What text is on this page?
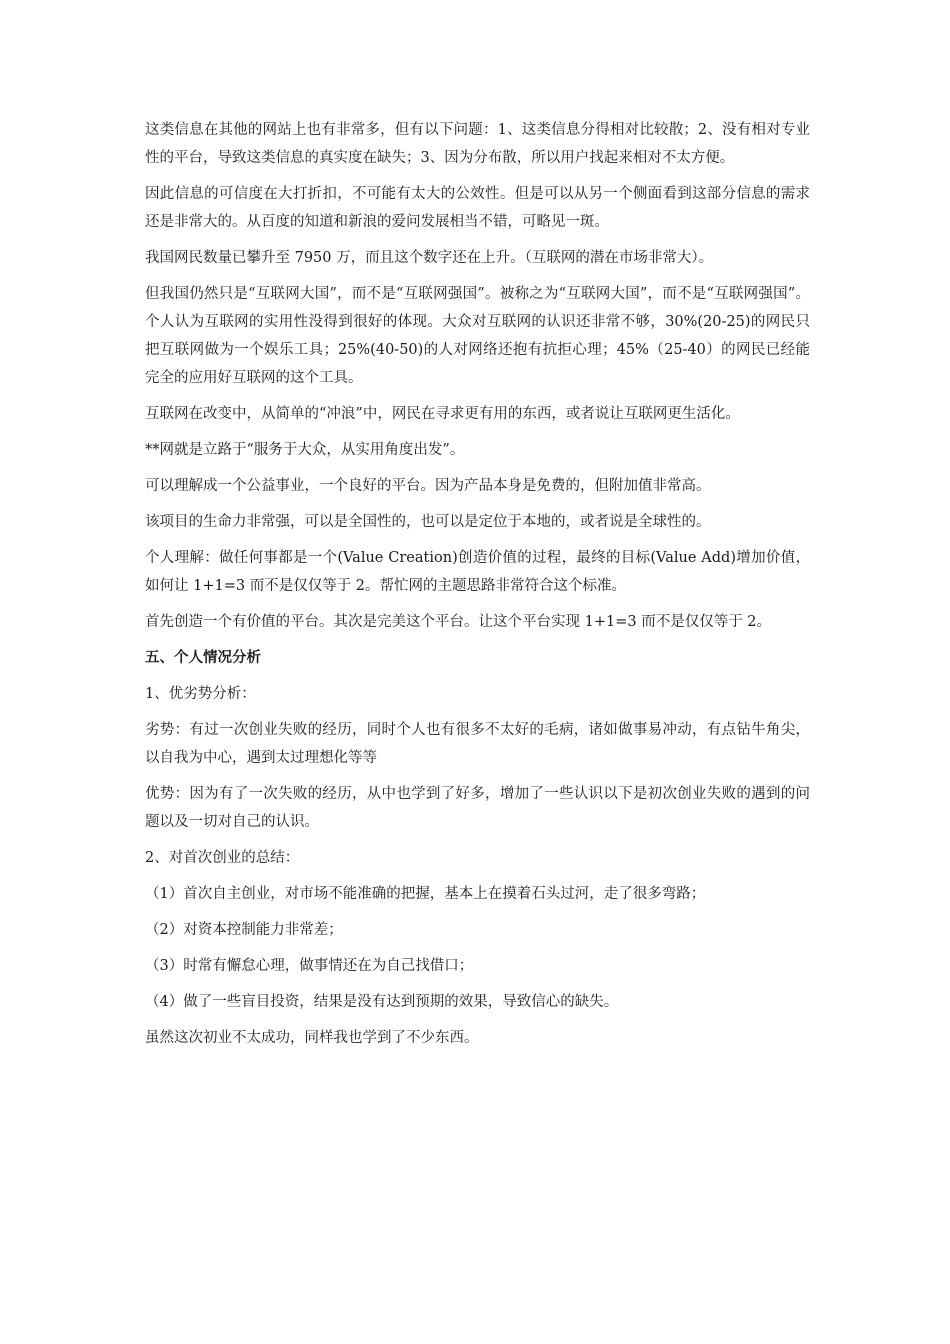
这类信息在其他的网站上也有非常多，但有以下问题：1、这类信息分得相对比较散；2、没有相对专业性的平台，导致这类信息的真实度在缺失；3、因为分布散，所以用户找起来相对不太方便。

因此信息的可信度在大打折扣，不可能有太大的公效性。但是可以从另一个侧面看到这部分信息的需求还是非常大的。从百度的知道和新浪的爱问发展相当不错，可略见一斑。

我国网民数量已攀升至 7950 万，而且这个数字还在上升。（互联网的潜在市场非常大）。

但我国仍然只是“互联网大国”，而不是“互联网强国”。被称之为“互联网大国”，而不是“互联网强国”。个人认为互联网的实用性没得到很好的体现。大众对互联网的认识还非常不够，30%(20-25)的网民只把互联网做为一个娱乐工具；25%(40-50)的人对网络还抱有抗拒心理；45%（25-40）的网民已经能完全的应用好互联网的这个工具。

互联网在改变中，从简单的“冲浪”中，网民在寻求更有用的东西，或者说让互联网更生活化。

**网就是立路于“服务于大众，从实用角度出发”。

可以理解成一个公益事业，一个良好的平台。因为产品本身是免费的，但附加值非常高。

该项目的生命力非常强，可以是全国性的，也可以是定位于本地的，或者说是全球性的。

个人理解：做任何事都是一个(Value Creation)创造价值的过程，最终的目标(Value Add)增加价值，如何让 1+1=3 而不是仅仅等于 2。帮忙网的主题思路非常符合这个标准。

首先创造一个有价值的平台。其次是完美这个平台。让这个平台实现 1+1=3 而不是仅仅等于 2。

五、个人情况分析

1、优劣势分析：

劣势：有过一次创业失败的经历，同时个人也有很多不太好的毛病，诸如做事易冲动，有点钻牛角尖，以自我为中心，遇到太过理想化等等

优势：因为有了一次失败的经历，从中也学到了好多，增加了一些认识以下是初次创业失败的遇到的问题以及一切对自己的认识。

2、对首次创业的总结：

（1）首次自主创业，对市场不能准确的把握，基本上在摸着石头过河，走了很多弯路；

（2）对资本控制能力非常差；

（3）时常有懈怠心理，做事情还在为自己找借口；

（4）做了一些盲目投资，结果是没有达到预期的效果，导致信心的缺失。

虽然这次初业不太成功，同样我也学到了不少东西。
